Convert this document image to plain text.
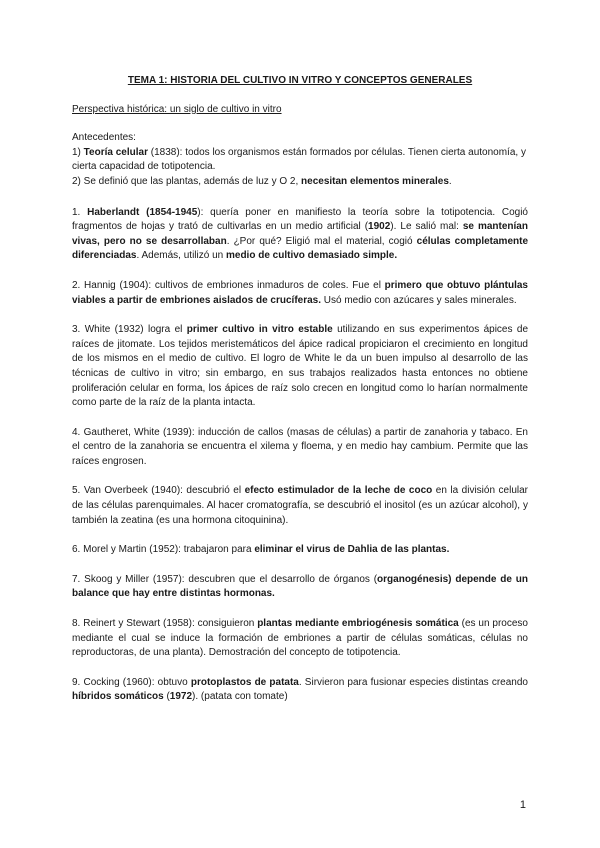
TEMA 1: HISTORIA DEL CULTIVO IN VITRO Y CONCEPTOS GENERALES
Perspectiva histórica: un siglo de cultivo in vitro

Antecedentes:

1) Teoría celular (1838): todos los organismos están formados por células. Tienen cierta autonomía, y cierta capacidad de totipotencia.

2) Se definió que las plantas, además de luz y O 2, necesitan elementos minerales.

1. Haberlandt (1854-1945): quería poner en manifiesto la teoría sobre la totipotencia. Cogió fragmentos de hojas y trató de cultivarlas en un medio artificial (1902). Le salió mal: se mantenían vivas, pero no se desarrollaban. ¿Por qué? Eligió mal el material, cogió células completamente diferenciadas. Además, utilizó un medio de cultivo demasiado simple.

2. Hannig (1904): cultivos de embriones inmaduros de coles. Fue el primero que obtuvo plántulas viables a partir de embriones aislados de crucíferas. Usó medio con azúcares y sales minerales.

3. White (1932) logra el primer cultivo in vitro estable utilizando en sus experimentos ápices de raíces de jitomate. Los tejidos meristemáticos del ápice radical propiciaron el crecimiento en longitud de los mismos en el medio de cultivo. El logro de White le da un buen impulso al desarrollo de las técnicas de cultivo in vitro; sin embargo, en sus trabajos realizados hasta entonces no obtiene proliferación celular en forma, los ápices de raíz solo crecen en longitud como lo harían normalmente como parte de la raíz de la planta intacta.

4. Gautheret, White (1939): inducción de callos (masas de células) a partir de zanahoria y tabaco. En el centro de la zanahoria se encuentra el xilema y floema, y en medio hay cambium. Permite que las raíces engrosen.

5. Van Overbeek (1940): descubrió el efecto estimulador de la leche de coco en la división celular de las células parenquimales. Al hacer cromatografía, se descubrió el inositol (es un azúcar alcohol), y también la zeatina (es una hormona citoquinina).

6. Morel y Martin (1952): trabajaron para eliminar el virus de Dahlia de las plantas.

7. Skoog y Miller (1957): descubren que el desarrollo de órganos (organogénesis) depende de un balance que hay entre distintas hormonas.

8. Reinert y Stewart (1958): consiguieron plantas mediante embriogénesis somática (es un proceso mediante el cual se induce la formación de embriones a partir de células somáticas, células no reproductoras, de una planta). Demostración del concepto de totipotencia.

9. Cocking (1960): obtuvo protoplastos de patata. Sirvieron para fusionar especies distintas creando híbridos somáticos (1972). (patata con tomate)

1
